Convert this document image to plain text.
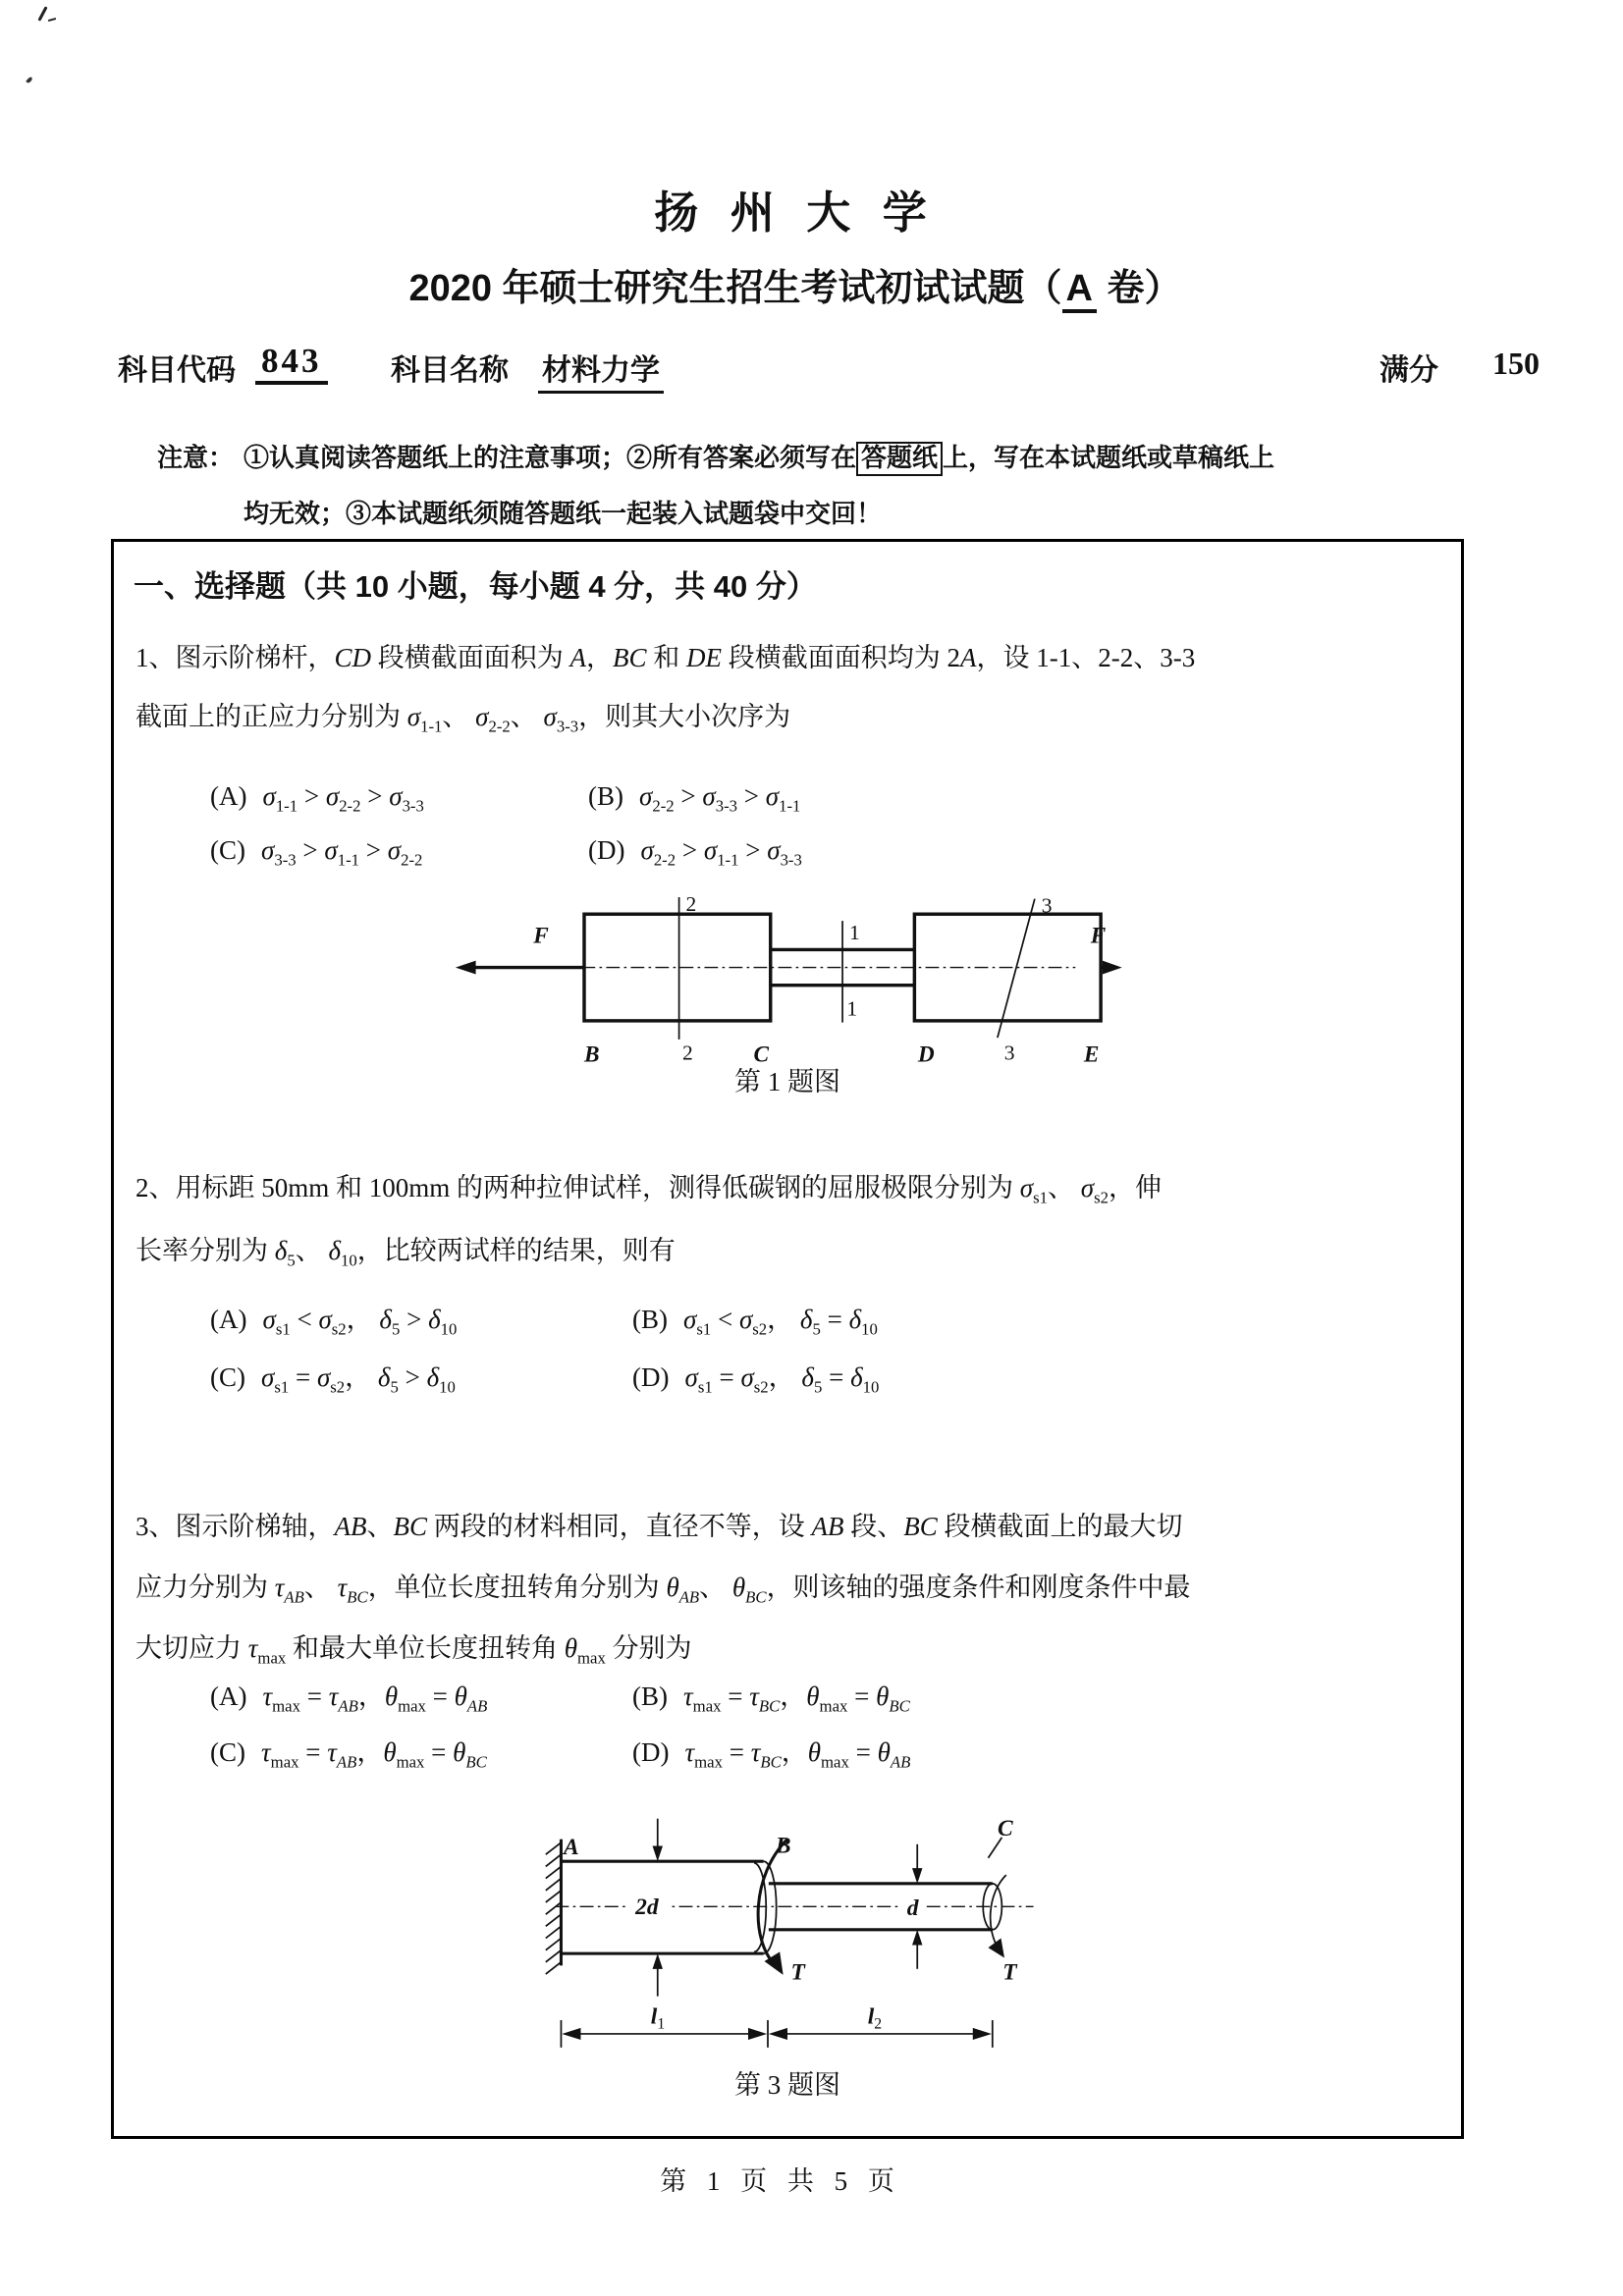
扬 州 大 学
2020 年硕士研究生招生考试初试试题（ A 卷）
科目代码 843 科目名称 材料力学	满分 150
注意： ①认真阅读答题纸上的注意事项；②所有答案必须写在 答题纸 上，写在本试题纸或草稿纸上
均无效；③本试题纸须随答题纸一起装入试题袋中交回！
一、选择题（共 10 小题，每小题 4 分，共 40 分）
1、图示阶梯杆，CD 段横截面面积为 A，BC 和 DE 段横截面面积均为 2A，设 1-1、2-2、3-3
截面上的正应力分别为 $\sigma_{1-1}$、 $\sigma_{2-2}$、 $\sigma_{3-3}$，则其大小次序为
(A) $\sigma_{1-1} > \sigma_{2-2} > \sigma_{3-3}$	(B) $\sigma_{2-2} > \sigma_{3-3} > \sigma_{1-1}$
(C) $\sigma_{3-3} > \sigma_{1-1} > \sigma_{2-2}$	(D) $\sigma_{2-2} > \sigma_{1-1} > \sigma_{3-3}$
F	F
2
2
1
1
3
3
B	C	D	E
第 1 题图
2、用标距 50mm 和 100mm 的两种拉伸试样，测得低碳钢的屈服极限分别为 $\sigma_{s1}$、 $\sigma_{s2}$，伸
长率分别为 $\delta_5$、 $\delta_{10}$，比较两试样的结果，则有
(A) $\sigma_{s1} < \sigma_{s2}$， $\delta_5 > \delta_{10}$	(B) $\sigma_{s1} < \sigma_{s2}$， $\delta_5 = \delta_{10}$
(C) $\sigma_{s1} = \sigma_{s2}$， $\delta_5 > \delta_{10}$	(D) $\sigma_{s1} = \sigma_{s2}$， $\delta_5 = \delta_{10}$
3、图示阶梯轴，AB、BC 两段的材料相同，直径不等，设 AB 段、BC 段横截面上的最大切
应力分别为 $\tau_{AB}$、 $\tau_{BC}$，单位长度扭转角分别为 $\theta_{AB}$、 $\theta_{BC}$，则该轴的强度条件和刚度条件中最
大切应力 $\tau_{max}$ 和最大单位长度扭转角 $\theta_{max}$ 分别为
(A) $\tau_{max} = \tau_{AB}$，$\theta_{max} = \theta_{AB}$	(B) $\tau_{max} = \tau_{BC}$，$\theta_{max} = \theta_{BC}$
(C) $\tau_{max} = \tau_{AB}$，$\theta_{max} = \theta_{BC}$	(D) $\tau_{max} = \tau_{BC}$，$\theta_{max} = \theta_{AB}$
A	B
C
2d	d
T	T
$l_1$	$l_2$
第 3 题图
第 1 页 共 5 页
